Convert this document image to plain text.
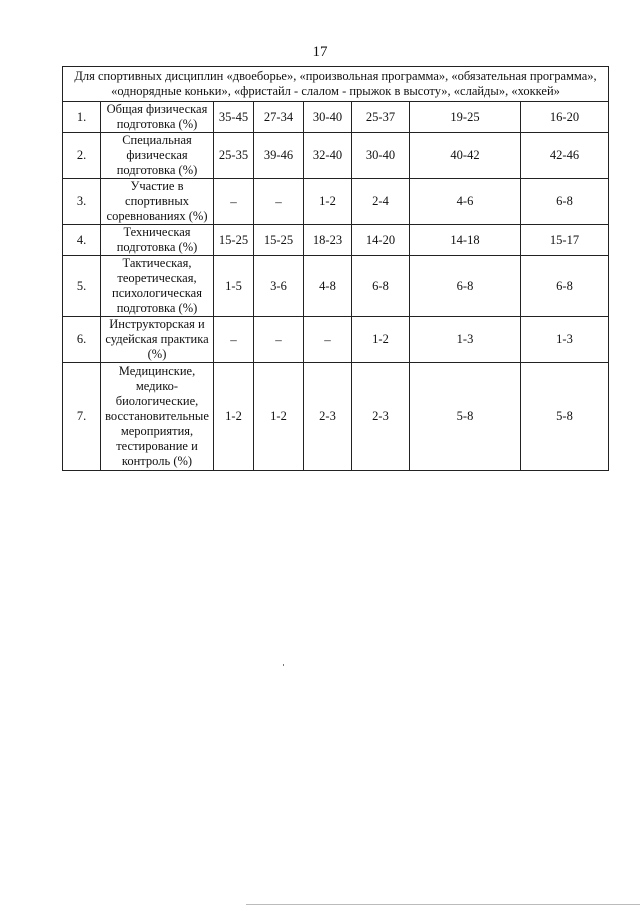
17
Для спортивных дисциплин «двоеборье», «произвольная программа», «обязательная программа», «однорядные коньки», «фристайл - слалом - прыжок в высоту», «слайды», «хоккей»							
1.	Общая физическая подготовка (%)	35-45	27-34	30-40	25-37	19-25	16-20
2.	Специальная физическая подготовка (%)	25-35	39-46	32-40	30-40	40-42	42-46
3.	Участие в спортивных соревнованиях (%)	–	–	1-2	2-4	4-6	6-8
4.	Техническая подготовка (%)	15-25	15-25	18-23	14-20	14-18	15-17
5.	Тактическая, теоретическая, психологическая подготовка (%)	1-5	3-6	4-8	6-8	6-8	6-8
6.	Инструкторская и судейская практика (%)	–	–	–	1-2	1-3	1-3
7.	Медицинские, медико-биологические, восстановительные мероприятия, тестирование и контроль (%)	1-2	1-2	2-3	2-3	5-8	5-8
